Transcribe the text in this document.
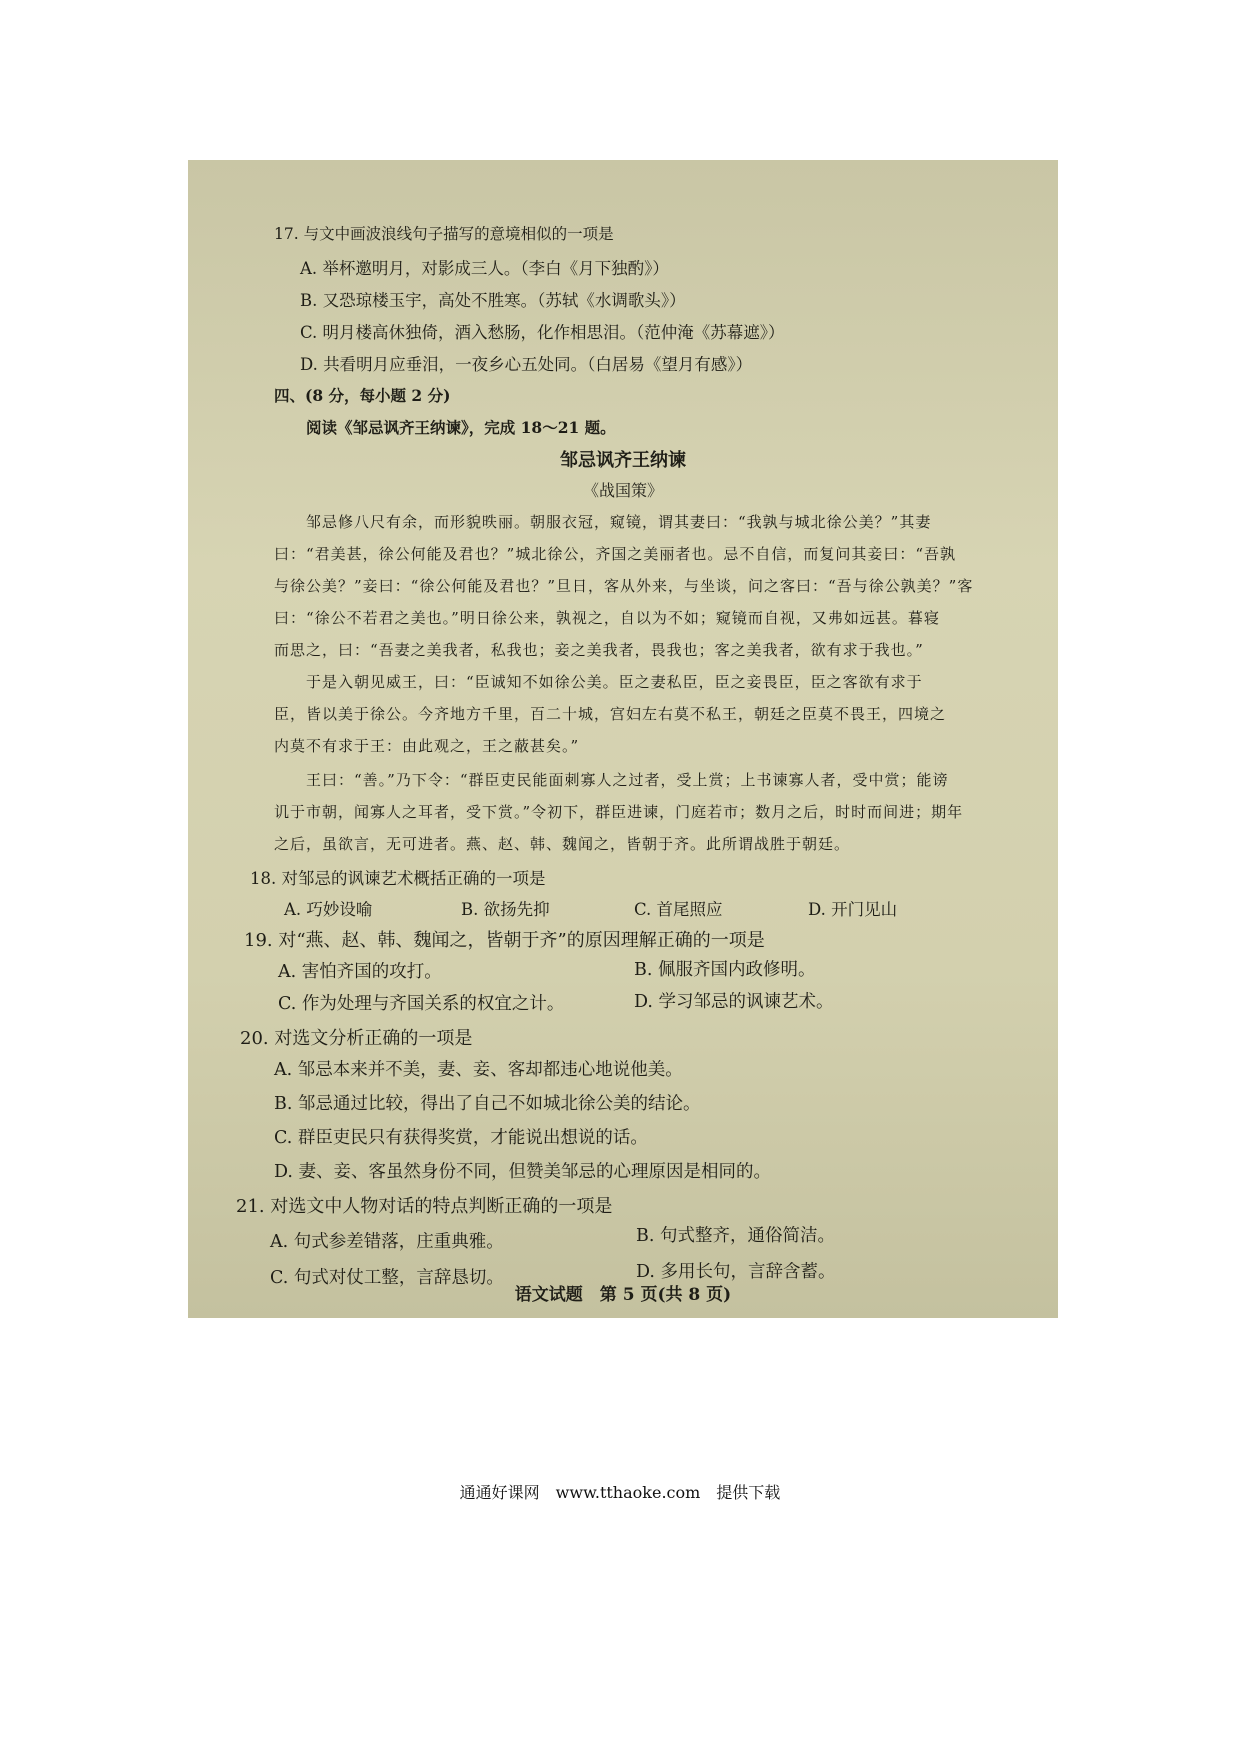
17. 与文中画波浪线句子描写的意境相似的一项是
A. 举杯邀明月，对影成三人。（李白《月下独酌》）
B. 又恐琼楼玉宇，高处不胜寒。（苏轼《水调歌头》）
C. 明月楼高休独倚，酒入愁肠，化作相思泪。（范仲淹《苏幕遮》）
D. 共看明月应垂泪，一夜乡心五处同。（白居易《望月有感》）
四、(8 分，每小题 2 分)
阅读《邹忌讽齐王纳谏》，完成 18～21 题。
邹忌讽齐王纳谏
《战国策》
邹忌修八尺有余，而形貌昳丽。朝服衣冠，窥镜，谓其妻曰：“我孰与城北徐公美？”其妻
曰：“君美甚，徐公何能及君也？”城北徐公，齐国之美丽者也。忌不自信，而复问其妾曰：“吾孰
与徐公美？”妾曰：“徐公何能及君也？”旦日，客从外来，与坐谈，问之客曰：“吾与徐公孰美？”客
曰：“徐公不若君之美也。”明日徐公来，孰视之，自以为不如；窥镜而自视，又弗如远甚。暮寝
而思之，曰：“吾妻之美我者，私我也；妾之美我者，畏我也；客之美我者，欲有求于我也。”
于是入朝见威王，曰：“臣诚知不如徐公美。臣之妻私臣，臣之妾畏臣，臣之客欲有求于
臣，皆以美于徐公。今齐地方千里，百二十城，宫妇左右莫不私王，朝廷之臣莫不畏王，四境之
内莫不有求于王：由此观之，王之蔽甚矣。”
王曰：“善。”乃下令：“群臣吏民能面刺寡人之过者，受上赏；上书谏寡人者，受中赏；能谤
讥于市朝，闻寡人之耳者，受下赏。”令初下，群臣进谏，门庭若市；数月之后，时时而间进；期年
之后，虽欲言，无可进者。燕、赵、韩、魏闻之，皆朝于齐。此所谓战胜于朝廷。
18. 对邹忌的讽谏艺术概括正确的一项是
A. 巧妙设喻	B. 欲扬先抑	C. 首尾照应	D. 开门见山
19. 对“燕、赵、韩、魏闻之，皆朝于齐”的原因理解正确的一项是
A. 害怕齐国的攻打。	B. 佩服齐国内政修明。
C. 作为处理与齐国关系的权宜之计。	D. 学习邹忌的讽谏艺术。
20. 对选文分析正确的一项是
A. 邹忌本来并不美，妻、妾、客却都违心地说他美。
B. 邹忌通过比较，得出了自己不如城北徐公美的结论。
C. 群臣吏民只有获得奖赏，才能说出想说的话。
D. 妻、妾、客虽然身份不同，但赞美邹忌的心理原因是相同的。
21. 对选文中人物对话的特点判断正确的一项是
A. 句式参差错落，庄重典雅。	B. 句式整齐，通俗简洁。
C. 句式对仗工整，言辞恳切。	D. 多用长句，言辞含蓄。
语文试题　第 5 页(共 8 页)
通通好课网　www.tthaoke.com　提供下载
